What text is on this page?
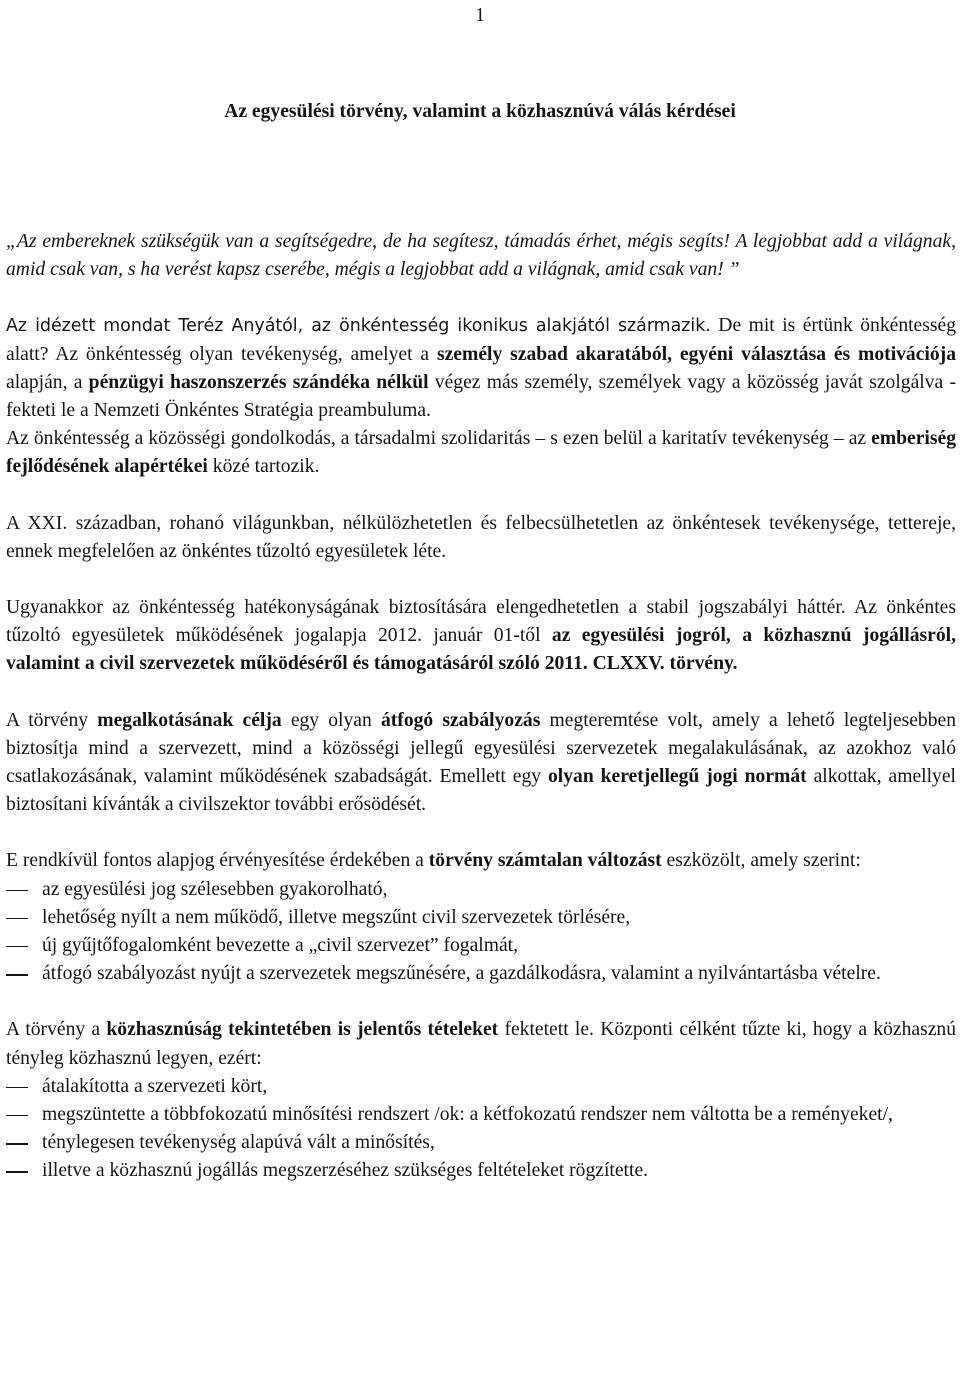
1
Az egyesülési törvény, valamint a közhasznúvá válás kérdései

„Az embereknek szükségük van a segítségedre, de ha segítesz, támadás érhet, mégis segíts! A legjobbat add a világnak, amid csak van, s ha verést kapsz cserébe, mégis a legjobbat add a világnak, amid csak van! ”

Az idézett mondat Teréz Anyától, az önkéntesség ikonikus alakjától származik. De mit is értünk önkéntesség alatt? Az önkéntesség olyan tevékenység, amelyet a személy szabad akaratából, egyéni választása és motivációja alapján, a pénzügyi haszonszerzés szándéka nélkül végez más személy, személyek vagy a közösség javát szolgálva - fekteti le a Nemzeti Önkéntes Stratégia preambuluma.

Az önkéntesség a közösségi gondolkodás, a társadalmi szolidaritás – s ezen belül a karitatív tevékenység – az emberiség fejlődésének alapértékei közé tartozik.

A XXI. században, rohanó világunkban, nélkülözhetetlen és felbecsülhetetlen az önkéntesek tevékenysége, tettereje, ennek megfelelően az önkéntes tűzoltó egyesületek léte.

Ugyanakkor az önkéntesség hatékonyságának biztosítására elengedhetetlen a stabil jogszabályi háttér. Az önkéntes tűzoltó egyesületek működésének jogalapja 2012. január 01-től az egyesülési jogról, a közhasznú jogállásról, valamint a civil szervezetek működéséről és támogatásáról szóló 2011. CLXXV. törvény.

A törvény megalkotásának célja egy olyan átfogó szabályozás megteremtése volt, amely a lehető legteljesebben biztosítja mind a szervezett, mind a közösségi jellegű egyesülési szervezetek megalakulásának, az azokhoz való csatlakozásának, valamint működésének szabadságát. Emellett egy olyan keretjellegű jogi normát alkottak, amellyel biztosítani kívánták a civilszektor további erősödését.

E rendkívül fontos alapjog érvényesítése érdekében a törvény számtalan változást eszközölt, amely szerint:

az egyesülési jog szélesebben gyakorolható,
lehetőség nyílt a nem működő, illetve megszűnt civil szervezetek törlésére,
új gyűjtőfogalomként bevezette a „civil szervezet” fogalmát,
átfogó szabályozást nyújt a szervezetek megszűnésére, a gazdálkodásra, valamint a nyilvántartásba vételre.

A törvény a közhasznúság tekintetében is jelentős tételeket fektetett le. Központi célként tűzte ki, hogy a közhasznú tényleg közhasznú legyen, ezért:

átalakította a szervezeti kört,
megszüntette a többfokozatú minősítési rendszert /ok: a kétfokozatú rendszer nem váltotta be a reményeket/,
ténylegesen tevékenység alapúvá vált a minősítés,
illetve a közhasznú jogállás megszerzéséhez szükséges feltételeket rögzítette.
